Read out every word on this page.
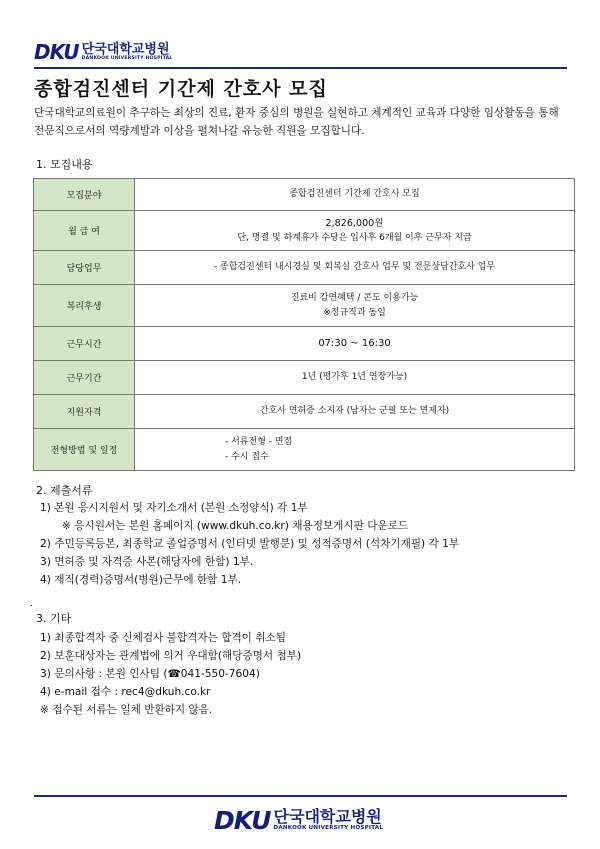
DKU 단국대학교병원
DANKOOK UNIVERSITY HOSPITAL
종합검진센터 기간제 간호사 모집

단국대학교의료원이 추구하는 최상의 진료, 환자 중심의 병원을 실현하고 체계적인 교육과 다양한 임상활동을 통해 전문직으로서의 역량계발과 이상을 펼쳐나갈 유능한 직원을 모집합니다.

1. 모집내용
모집분야	종합검진센터 기간제 간호사 모집

월 급 여	2,826,000원
단, 명절 및 하계휴가 수당은 입사후 6개월 이후 근무자 지급

담당업무	- 종합검진센터 내시경실 및 회복실 간호사 업무 및 전문상담간호사 업무

복리후생	진료비 감면혜택 / 콘도 이용가능
※정규직과 동일

근무시간	07:30 ~ 16:30

근무기간	1년 (평가후 1년 연장가능)

지원자격	간호사 면허증 소지자 (남자는 군필 또는 면제자)

전형방법 및 일정	- 서류전형 - 면접
- 수시 접수
2. 제출서류
1) 본원 응시지원서 및 자기소개서 (본원 소정양식) 각 1부
※ 응시원서는 본원 홈페이지 (www.dkuh.co.kr) 채용정보게시판 다운로드
2) 주민등록등본, 최종학교 졸업증명서 (인터넷 발행분) 및 성적증명서 (석차기재필) 각 1부
3) 면허증 및 자격증 사본(해당자에 한함) 1부.
4) 재직(경력)증명서(병원)근무에 한함 1부.
.
3. 기타
1) 최종합격자 중 신체검사 불합격자는 합격이 취소됨
2) 보훈대상자는 관계법에 의거 우대함(해당증명서 첨부)
3) 문의사항 : 본원 인사팀 (☎041-550-7604)
4) e-mail 접수 : rec4@dkuh.co.kr
※ 접수된 서류는 일체 반환하지 않음.
DKU 단국대학교병원
DANKOOK UNIVERSITY HOSPITAL
